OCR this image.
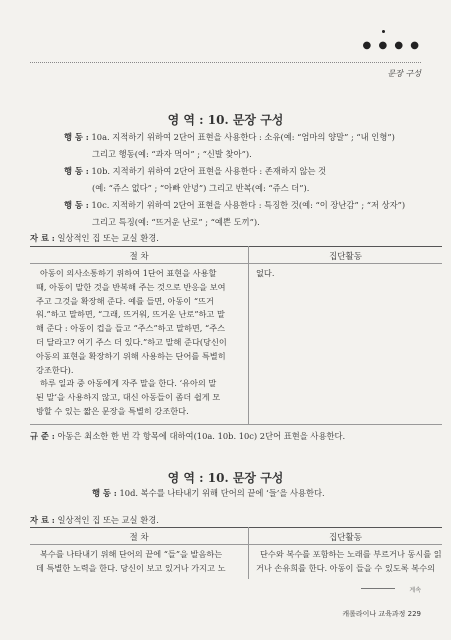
● ● ● ●
문장 구성
영 역 : 10. 문장 구성
행 동 : 10a. 지적하기 위하여 2단어 표현을 사용한다 : 소유(예: “엄마의 양말” ; “내 인형”)
그리고 행동(예: “과자 먹어” ; “신발 찾아”).
행 동 : 10b. 지적하기 위하여 2단어 표현을 사용한다 : 존재하지 않는 것
(예: “쥬스 없다” ; “아빠 안녕”) 그리고 반복(예: “쥬스 더”).
행 동 : 10c. 지적하기 위하여 2단어 표현을 사용한다 : 특징한 것(예: “이 장난감” ; “저 상자”)
그리고 특징(예: “뜨거운 난로” ; “예쁜 도끼”).
자 료 : 일상적인 집 또는 교실 환경.
절 차	집단활동
아동이 의사소통하기 위하여 1단어 표현을 사용할
때, 아동이 말한 것을 반복해 주는 것으로 반응을 보여
주고 그것을 확장해 준다. 예를 들면, 아동이 “뜨거
워.”하고 말하면, “그래, 뜨거워, 뜨거운 난로”하고 말
해 준다 : 아동이 컵을 들고 “주스”하고 말하면, “주스
더 달라고? 여기 주스 더 있다.”하고 말해 준다(당신이
아동의 표현을 확장하기 위해 사용하는 단어를 특별히
강조한다).
하루 일과 중 아동에게 자주 말을 한다. ‘유아의 말
된 말’을 사용하지 않고, 대신 아동들이 좀더 쉽게 모
방할 수 있는 짧은 문장을 특별히 강조한다.
없다.
규 준 : 아동은 최소한 한 번 각 항목에 대하여(10a. 10b. 10c) 2단어 표현을 사용한다.
영 역 : 10. 문장 구성
행 동 : 10d. 복수를 나타내기 위해 단어의 끝에 ‘들’을 사용한다.
자 료 : 일상적인 집 또는 교실 환경.
절 차	집단활동
복수를 나타내기 위해 단어의 끝에 “들”을 발음하는
데 특별한 노력을 한다. 당신이 보고 있거나 가지고 노
단수와 복수를 포함하는 노래를 부르거나 동시를 읽
거나 손유희를 한다. 아동이 들을 수 있도록 복수의
계속
캐롤라이나 교육과정 229
